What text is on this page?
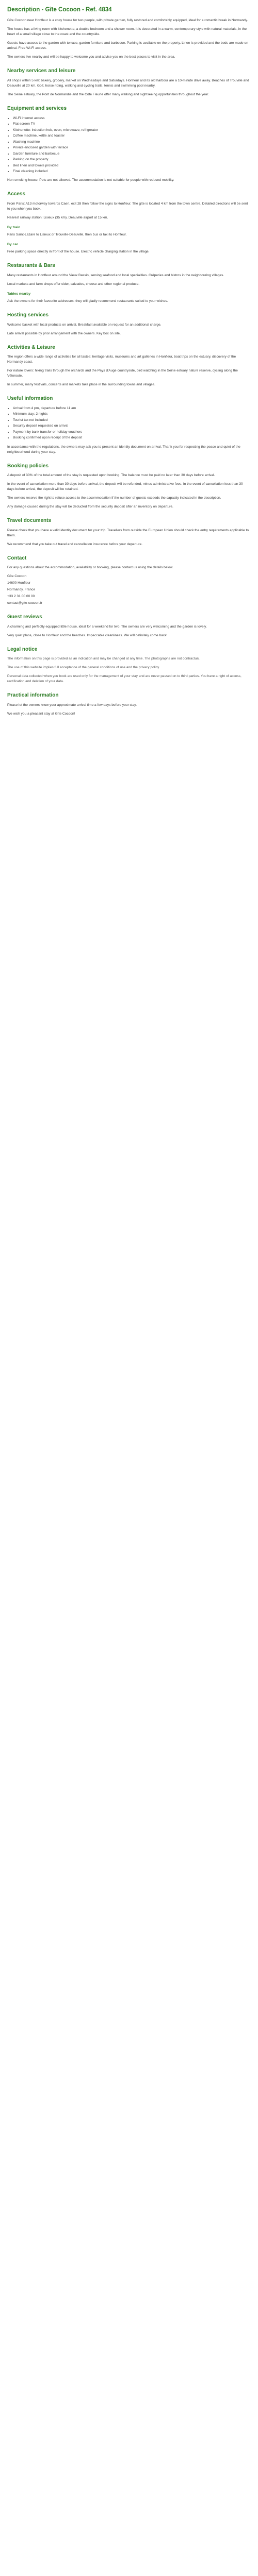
Description - Gîte Cocoon - Ref. 4834

Gîte Cocoon near Honfleur is a cosy house for two people, with private garden, fully restored and comfortably equipped, ideal for a romantic break in Normandy.

The house has a living room with kitchenette, a double bedroom and a shower room. It is decorated in a warm, contemporary style with natural materials, in the heart of a small village close to the coast and the countryside.

Guests have access to the garden with terrace, garden furniture and barbecue. Parking is available on the property. Linen is provided and the beds are made on arrival. Free Wi-Fi access.

The owners live nearby and will be happy to welcome you and advise you on the best places to visit in the area.

Nearby services and leisure

All shops within 5 km: bakery, grocery, market on Wednesdays and Saturdays. Honfleur and its old harbour are a 10-minute drive away. Beaches of Trouville and Deauville at 20 km. Golf, horse riding, walking and cycling trails, tennis and swimming pool nearby.

The Seine estuary, the Pont de Normandie and the Côte Fleurie offer many walking and sightseeing opportunities throughout the year.

Equipment and services
• Wi-Fi internet access
• Flat-screen TV
• Kitchenette: induction hob, oven, microwave, refrigerator
• Coffee machine, kettle and toaster
• Washing machine
• Private enclosed garden with terrace
• Garden furniture and barbecue
• Parking on the property
• Bed linen and towels provided
• Final cleaning included

Non-smoking house. Pets are not allowed. The accommodation is not suitable for people with reduced mobility.

Access

From Paris: A13 motorway towards Caen, exit 28 then follow the signs to Honfleur. The gîte is located 4 km from the town centre. Detailed directions will be sent to you when you book.

Nearest railway station: Lisieux (35 km). Deauville airport at 15 km.

By train

Paris Saint-Lazare to Lisieux or Trouville-Deauville, then bus or taxi to Honfleur.

By car

Free parking space directly in front of the house. Electric vehicle charging station in the village.

Restaurants & Bars

Many restaurants in Honfleur around the Vieux Bassin, serving seafood and local specialities. Crêperies and bistros in the neighbouring villages.

Local markets and farm shops offer cider, calvados, cheese and other regional produce.

Tables nearby

Ask the owners for their favourite addresses: they will gladly recommend restaurants suited to your wishes.

Hosting services

Welcome basket with local products on arrival. Breakfast available on request for an additional charge.

Late arrival possible by prior arrangement with the owners. Key box on site.

Activities & Leisure

The region offers a wide range of activities for all tastes: heritage visits, museums and art galleries in Honfleur, boat trips on the estuary, discovery of the Normandy coast.

For nature lovers: hiking trails through the orchards and the Pays d'Auge countryside, bird watching in the Seine estuary nature reserve, cycling along the Véloroute.

In summer, many festivals, concerts and markets take place in the surrounding towns and villages.

Useful information
• Arrival from 4 pm, departure before 11 am
• Minimum stay: 2 nights
• Tourist tax not included
• Security deposit requested on arrival
• Payment by bank transfer or holiday vouchers
• Booking confirmed upon receipt of the deposit

In accordance with the regulations, the owners may ask you to present an identity document on arrival. Thank you for respecting the peace and quiet of the neighbourhood during your stay.

Booking policies

A deposit of 30% of the total amount of the stay is requested upon booking. The balance must be paid no later than 30 days before arrival.

In the event of cancellation more than 30 days before arrival, the deposit will be refunded, minus administrative fees. In the event of cancellation less than 30 days before arrival, the deposit will be retained.

The owners reserve the right to refuse access to the accommodation if the number of guests exceeds the capacity indicated in the description.

Any damage caused during the stay will be deducted from the security deposit after an inventory on departure.

Travel documents

Please check that you have a valid identity document for your trip. Travellers from outside the European Union should check the entry requirements applicable to them.

We recommend that you take out travel and cancellation insurance before your departure.

Contact

For any questions about the accommodation, availability or booking, please contact us using the details below.

Gîte Cocoon

14600 Honfleur

Normandy, France

+33 2 31 00 00 00

contact@gite-cocoon.fr

Guest reviews

A charming and perfectly equipped little house, ideal for a weekend for two. The owners are very welcoming and the garden is lovely.

Very quiet place, close to Honfleur and the beaches. Impeccable cleanliness. We will definitely come back!

Legal notice

The information on this page is provided as an indication and may be changed at any time. The photographs are not contractual.

The use of this website implies full acceptance of the general conditions of use and the privacy policy.

Personal data collected when you book are used only for the management of your stay and are never passed on to third parties. You have a right of access, rectification and deletion of your data.

Practical information

Please let the owners know your approximate arrival time a few days before your stay.

We wish you a pleasant stay at Gîte Cocoon!
